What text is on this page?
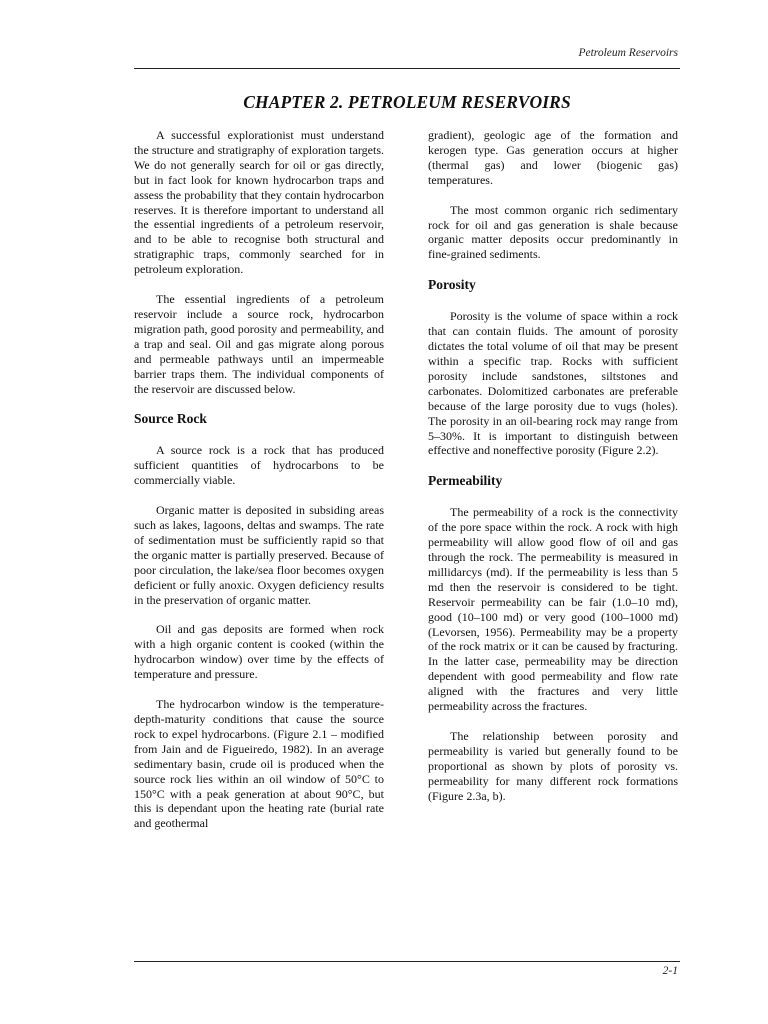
Petroleum Reservoirs
CHAPTER 2. PETROLEUM RESERVOIRS

A successful explorationist must understand the structure and stratigraphy of exploration targets. We do not generally search for oil or gas directly, but in fact look for known hydrocarbon traps and assess the probability that they contain hydrocarbon reserves. It is therefore important to understand all the essential ingredients of a petroleum reservoir, and to be able to recognise both structural and stratigraphic traps, commonly searched for in petroleum exploration.

The essential ingredients of a petroleum reservoir include a source rock, hydrocarbon migration path, good porosity and permeability, and a trap and seal. Oil and gas migrate along porous and permeable pathways until an impermeable barrier traps them. The individual components of the reservoir are discussed below.

Source Rock

A source rock is a rock that has produced sufficient quantities of hydrocarbons to be commercially viable.

Organic matter is deposited in subsiding areas such as lakes, lagoons, deltas and swamps. The rate of sedimentation must be sufficiently rapid so that the organic matter is partially preserved. Because of poor circulation, the lake/sea floor becomes oxygen deficient or fully anoxic. Oxygen deficiency results in the preservation of organic matter.

Oil and gas deposits are formed when rock with a high organic content is cooked (within the hydrocarbon window) over time by the effects of temperature and pressure.

The hydrocarbon window is the temperature-depth-maturity conditions that cause the source rock to expel hydrocarbons. (Figure 2.1 – modified from Jain and de Figueiredo, 1982). In an average sedimentary basin, crude oil is produced when the source rock lies within an oil window of 50°C to 150°C with a peak generation at about 90°C, but this is dependant upon the heating rate (burial rate and geothermal

gradient), geologic age of the formation and kerogen type. Gas generation occurs at higher (thermal gas) and lower (biogenic gas) temperatures.

The most common organic rich sedimentary rock for oil and gas generation is shale because organic matter deposits occur predominantly in fine-grained sediments.

Porosity

Porosity is the volume of space within a rock that can contain fluids. The amount of porosity dictates the total volume of oil that may be present within a specific trap. Rocks with sufficient porosity include sandstones, siltstones and carbonates. Dolomitized carbonates are preferable because of the large porosity due to vugs (holes). The porosity in an oil-bearing rock may range from 5–30%. It is important to distinguish between effective and noneffective porosity (Figure 2.2).

Permeability

The permeability of a rock is the connectivity of the pore space within the rock. A rock with high permeability will allow good flow of oil and gas through the rock. The permeability is measured in millidarcys (md). If the permeability is less than 5 md then the reservoir is considered to be tight. Reservoir permeability can be fair (1.0–10 md), good (10–100 md) or very good (100–1000 md) (Levorsen, 1956). Permeability may be a property of the rock matrix or it can be caused by fracturing. In the latter case, permeability may be direction dependent with good permeability and flow rate aligned with the fractures and very little permeability across the fractures.

The relationship between porosity and permeability is varied but generally found to be proportional as shown by plots of porosity vs. permeability for many different rock formations (Figure 2.3a, b).

2-1
